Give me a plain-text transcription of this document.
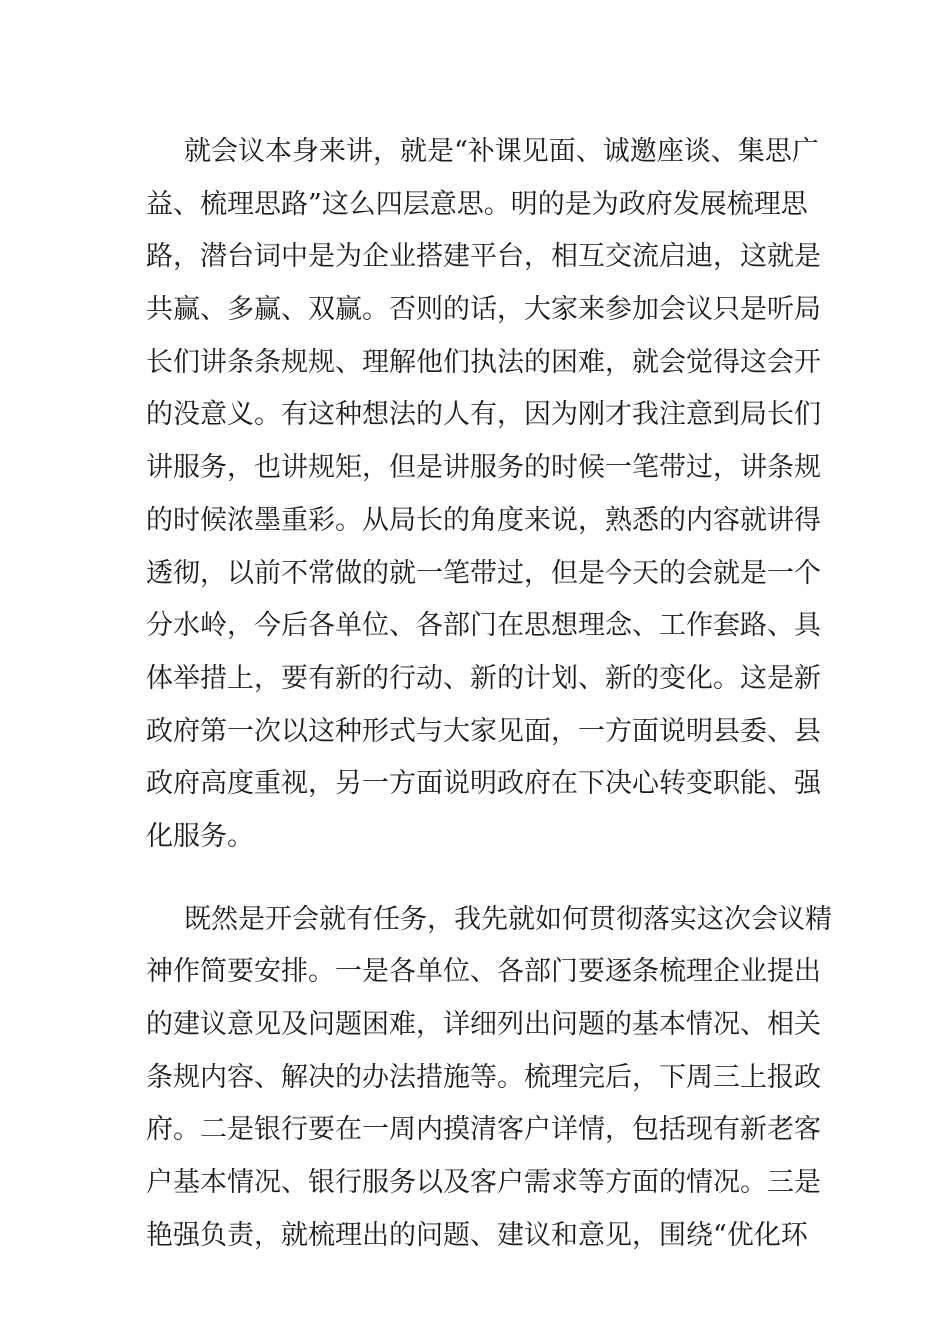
就会议本身来讲，就是“补课见面、诚邀座谈、集思广
益、梳理思路”这么四层意思。明的是为政府发展梳理思
路，潜台词中是为企业搭建平台，相互交流启迪，这就是
共赢、多赢、双赢。否则的话，大家来参加会议只是听局
长们讲条条规规、理解他们执法的困难，就会觉得这会开
的没意义。有这种想法的人有，因为刚才我注意到局长们
讲服务，也讲规矩，但是讲服务的时候一笔带过，讲条规
的时候浓墨重彩。从局长的角度来说，熟悉的内容就讲得
透彻，以前不常做的就一笔带过，但是今天的会就是一个
分水岭，今后各单位、各部门在思想理念、工作套路、具
体举措上，要有新的行动、新的计划、新的变化。这是新
政府第一次以这种形式与大家见面，一方面说明县委、县
政府高度重视，另一方面说明政府在下决心转变职能、强
化服务。

既然是开会就有任务，我先就如何贯彻落实这次会议精
神作简要安排。一是各单位、各部门要逐条梳理企业提出
的建议意见及问题困难，详细列出问题的基本情况、相关
条规内容、解决的办法措施等。梳理完后，下周三上报政
府。二是银行要在一周内摸清客户详情，包括现有新老客
户基本情况、银行服务以及客户需求等方面的情况。三是
艳强负责，就梳理出的问题、建议和意见，围绕“优化环
